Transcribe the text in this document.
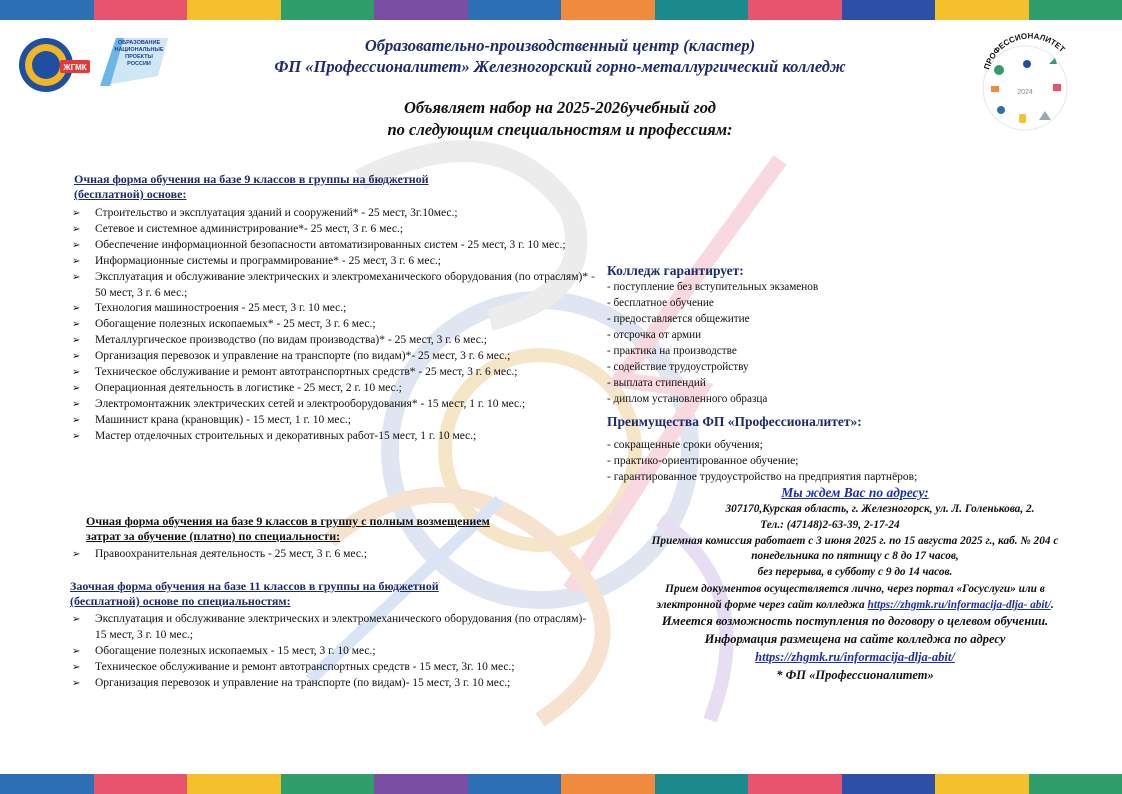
ЖГМК
ОБРАЗОВАНИЕ НАЦИОНАЛЬНЫЕ ПРОЕКТЫ РОССИИ	ПРОФЕССИОНАЛИТЕТ
2024
Образовательно-производственный центр (кластер)
ФП «Профессионалитет» Железногорский горно-металлургический колледж
Объявляет набор на 2025-2026учебный год
по следующим специальностям и профессиям:
Очная форма обучения на базе 9 классов в группы на бюджетной
(бесплатной) основе:
➢ Строительство и эксплуатация зданий и сооружений* - 25 мест, 3г.10мес.;
➢ Сетевое и системное администрирование*- 25 мест, 3 г. 6 мес.;
➢ Обеспечение информационной безопасности автоматизированных систем - 25 мест, 3 г. 10 мес.;
➢ Информационные системы и программирование* - 25 мест, 3 г. 6 мес.;
➢ Эксплуатация и обслуживание электрических и электромеханического оборудования (по отраслям)* - 50 мест, 3 г. 6 мес.;
➢ Технология машиностроения - 25 мест, 3 г. 10 мес.;
➢ Обогащение полезных ископаемых* - 25 мест, 3 г. 6 мес.;
➢ Металлургическое производство (по видам производства)* - 25 мест, 3 г. 6 мес.;
➢ Организация перевозок и управление на транспорте (по видам)*- 25 мест, 3 г. 6 мес.;
➢ Техническое обслуживание и ремонт автотранспортных средств* - 25 мест, 3 г. 6 мес.;
➢ Операционная деятельность в логистике - 25 мест, 2 г. 10 мес.;
➢ Электромонтажник электрических сетей и электрооборудования* - 15 мест, 1 г. 10 мес.;
➢ Машинист крана (крановщик) - 15 мест, 1 г. 10 мес.;
➢ Мастер отделочных строительных и декоративных работ-15 мест, 1 г. 10 мес.;
Очная форма обучения на базе 9 классов в группу с полным возмещением
затрат за обучение (платно) по специальности:
➢ Правоохранительная деятельность - 25 мест, 3 г. 6 мес.;
Заочная форма обучения на базе 11 классов в группы на бюджетной
(бесплатной) основе по специальностям:
➢ Эксплуатация и обслуживание электрических и электромеханического оборудования (по отраслям)- 15 мест, 3 г. 10 мес.;
➢ Обогащение полезных ископаемых - 15 мест, 3 г. 10 мес.;
➢ Техническое обслуживание и ремонт автотранспортных средств - 15 мест, 3г. 10 мес.;
➢ Организация перевозок и управление на транспорте (по видам)- 15 мест, 3 г. 10 мес.;
Колледж гарантирует:
- поступление без вступительных экзаменов
- бесплатное обучение
- предоставляется общежитие
- отсрочка от армии
- практика на производстве
- содействие трудоустройству
- выплата стипендий
- диплом установленного образца
Преимущества ФП «Профессионалитет»:
- сокращенные сроки обучения;
- практико-ориентированное обучение;
- гарантированное трудоустройство на предприятия партнёров;
Мы ждем Вас по адресу:
307170,Курская область, г. Железногорск, ул. Л. Голенькова, 2.
Тел.: (47148)2-63-39, 2-17-24
Приемная комиссия работает с 3 июня 2025 г. по 15 августа 2025 г., каб. № 204 с
понедельника по пятницу с 8 до 17 часов,
без перерыва, в субботу с 9 до 14 часов.
Прием документов осуществляется лично, через портал «Госуслуги» или в
электронной форме через сайт колледжа https://zhgmk.ru/informacija-dlja- abit/.
Имеется возможность поступления по договору о целевом обучении.
Информация размещена на сайте колледжа по адресу
https://zhgmk.ru/informacija-dlja-abit/
* ФП «Профессионалитет»
